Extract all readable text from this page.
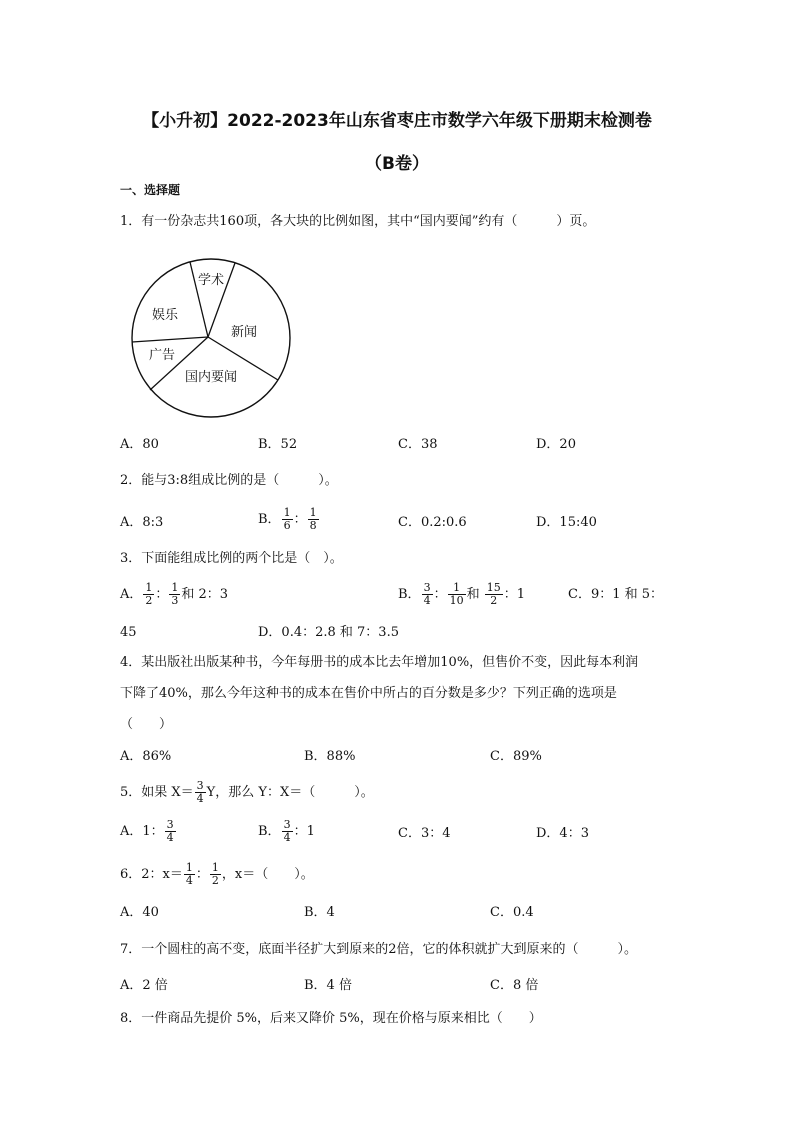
【小升初】2022-2023年山东省枣庄市数学六年级下册期末检测卷
（B卷）
一、选择题
1．有一份杂志共160项，各大块的比例如图，其中“国内要闻”约有（　　　）页。
学术
娱乐
新闻
广告
国内要闻
A．80	B．52	C．38	D．20
2．能与3:8组成比例的是（　　　）。
A．8:3	B． $\frac{1}{6}$ ： $\frac{1}{8}$	C．0.2:0.6	D．15:40
3．下面能组成比例的两个比是（　）。
A． $\frac{1}{2}$ ： $\frac{1}{3}$ 和 2：3	B． $\frac{3}{4}$ ： $\frac{1}{10}$ 和 $\frac{15}{2}$ ：1	C．9：1 和 5：
45	D．0.4：2.8 和 7：3.5
4．某出版社出版某种书，今年每册书的成本比去年增加10%，但售价不变，因此每本利润
下降了40%，那么今年这种书的成本在售价中所占的百分数是多少？下列正确的选项是
（　　）
A．86%	B．88%	C．89%
5．如果 $X= \frac{3}{4}$ Y，那么 Y：X＝（　　　）。
A．1： $\frac{3}{4}$	B． $\frac{3}{4}$ ：1	C．3：4	D．4：3
6．2：$x= \frac{1}{4}$ ： $\frac{1}{2}$ ，x＝（　　）。
A．40	B．4	C．0.4
7．一个圆柱的高不变，底面半径扩大到原来的2倍，它的体积就扩大到原来的（　　　）。
A．2 倍	B．4 倍	C．8 倍
8．一件商品先提价 5%，后来又降价 5%，现在价格与原来相比（　　）
